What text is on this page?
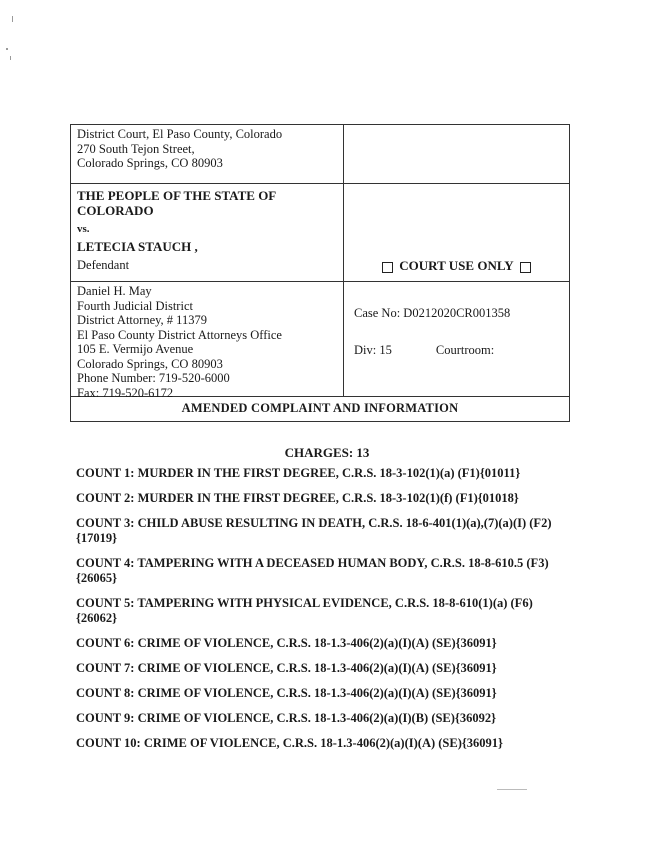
District Court, El Paso County, Colorado
270 South Tejon Street,
Colorado Springs, CO 80903
THE PEOPLE OF THE STATE OF
COLORADO
vs.
LETECIA STAUCH ,
Defendant	COURT USE ONLY
Daniel H. May
Fourth Judicial District
District Attorney, # 11379
El Paso County District Attorneys Office
105 E. Vermijo Avenue
Colorado Springs, CO 80903
Phone Number: 719-520-6000
Fax: 719-520-6172
Case No: D0212020CR001358
Div: 15	Courtroom:
AMENDED COMPLAINT AND INFORMATION
CHARGES: 13
COUNT 1: MURDER IN THE FIRST DEGREE, C.R.S. 18-3-102(1)(a) (F1){01011}
COUNT 2: MURDER IN THE FIRST DEGREE, C.R.S. 18-3-102(1)(f) (F1){01018}
COUNT 3: CHILD ABUSE RESULTING IN DEATH, C.R.S. 18-6-401(1)(a),(7)(a)(I) (F2){17019}
COUNT 4: TAMPERING WITH A DECEASED HUMAN BODY, C.R.S. 18-8-610.5 (F3){26065}
COUNT 5: TAMPERING WITH PHYSICAL EVIDENCE, C.R.S. 18-8-610(1)(a) (F6){26062}
COUNT 6: CRIME OF VIOLENCE, C.R.S. 18-1.3-406(2)(a)(I)(A) (SE){36091}
COUNT 7: CRIME OF VIOLENCE, C.R.S. 18-1.3-406(2)(a)(I)(A) (SE){36091}
COUNT 8: CRIME OF VIOLENCE, C.R.S. 18-1.3-406(2)(a)(I)(A) (SE){36091}
COUNT 9: CRIME OF VIOLENCE, C.R.S. 18-1.3-406(2)(a)(I)(B) (SE){36092}
COUNT 10: CRIME OF VIOLENCE, C.R.S. 18-1.3-406(2)(a)(I)(A) (SE){36091}
